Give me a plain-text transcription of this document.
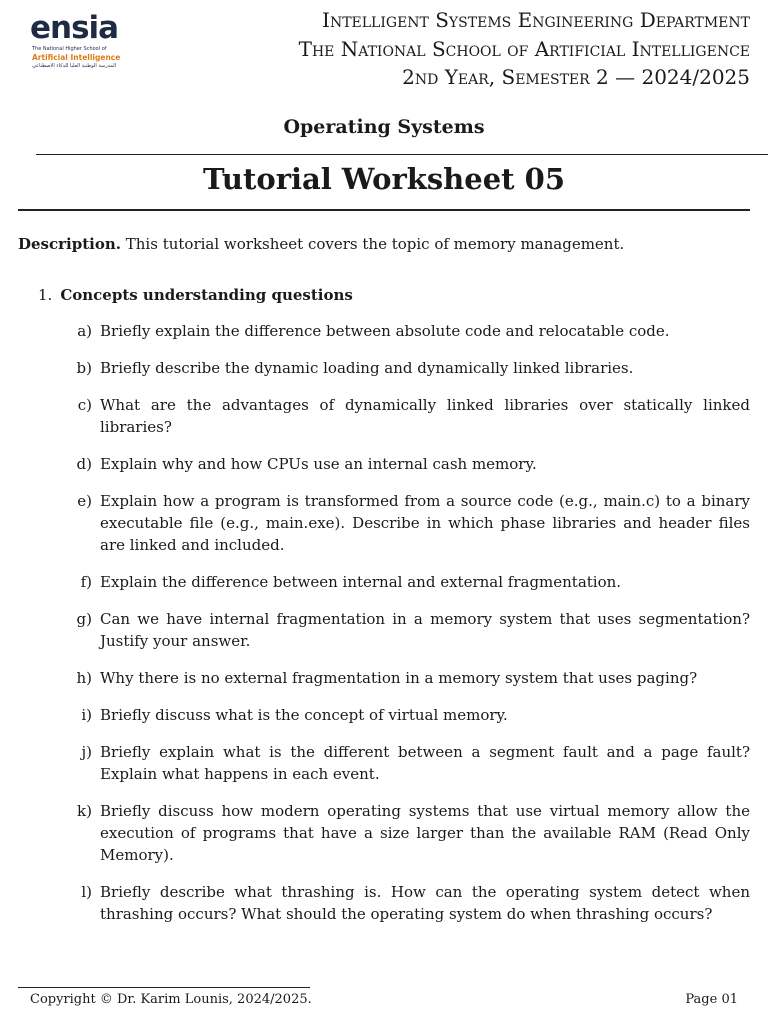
ensia
The National Higher School of
Artificial Intelligence
المدرسة الوطنية العليا للذكاء الاصطناعي
Intelligent Systems Engineering Department
The National School of Artificial Intelligence
2nd Year, Semester 2 — 2024/2025
Operating Systems
Tutorial Worksheet 05
Description. This tutorial worksheet covers the topic of memory management.
1. Concepts understanding questions
a) Briefly explain the difference between absolute code and relocatable code.
b) Briefly describe the dynamic loading and dynamically linked libraries.
c) What are the advantages of dynamically linked libraries over statically linked libraries?
d) Explain why and how CPUs use an internal cash memory.
e) Explain how a program is transformed from a source code (e.g., main.c) to a binary executable file (e.g., main.exe). Describe in which phase libraries and header files are linked and included.
f) Explain the difference between internal and external fragmentation.
g) Can we have internal fragmentation in a memory system that uses segmentation? Justify your answer.
h) Why there is no external fragmentation in a memory system that uses paging?
i) Briefly discuss what is the concept of virtual memory.
j) Briefly explain what is the different between a segment fault and a page fault? Explain what happens in each event.
k) Briefly discuss how modern operating systems that use virtual memory allow the execution of programs that have a size larger than the available RAM (Read Only Memory).
l) Briefly describe what thrashing is. How can the operating system detect when thrashing occurs? What should the operating system do when thrashing occurs?
Copyright © Dr. Karim Lounis, 2024/2025.	Page 01
